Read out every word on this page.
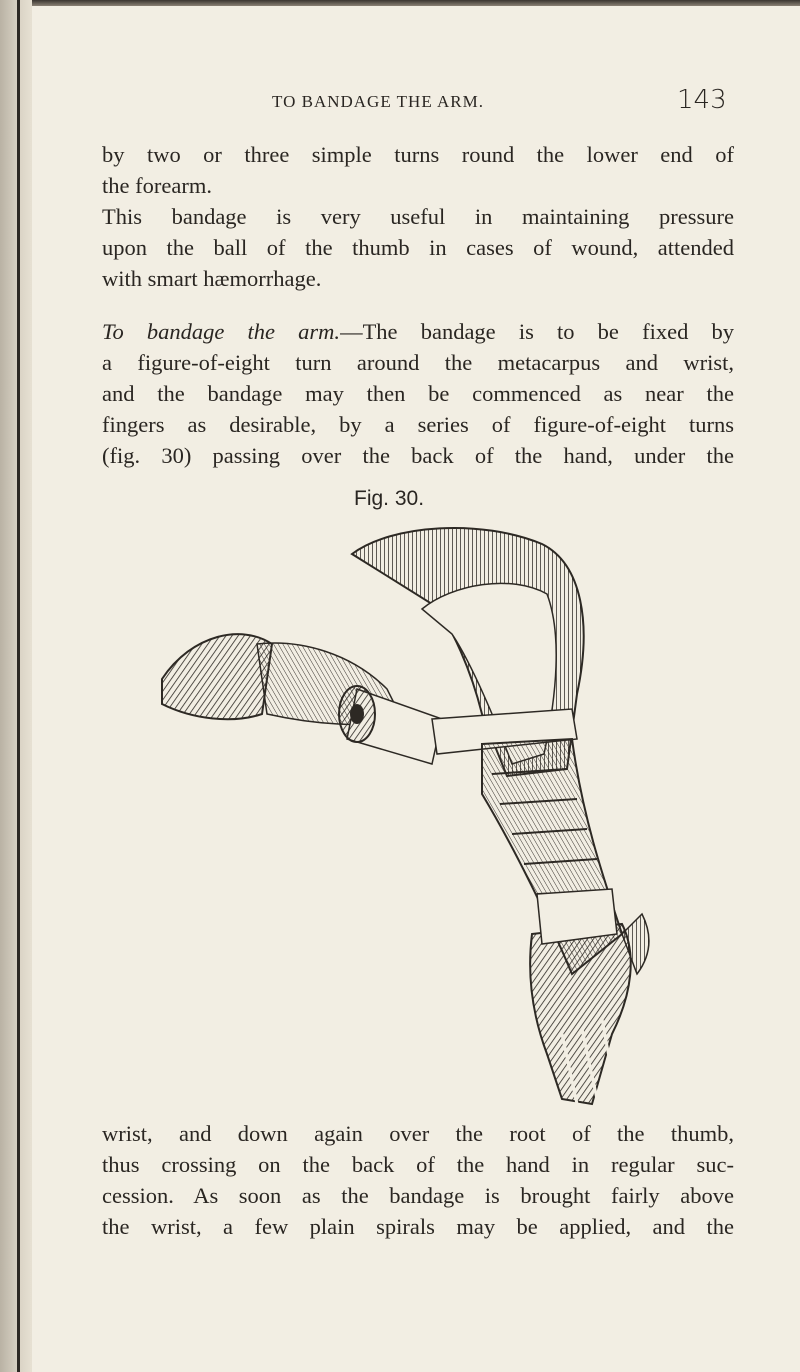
TO BANDAGE THE ARM.	143
by two or three simple turns round the lower end of
the forearm.
This bandage is very useful in maintaining pressure
upon the ball of the thumb in cases of wound, attended
with smart hæmorrhage.
To bandage the arm.—The bandage is to be fixed by
a figure-of-eight turn around the metacarpus and wrist,
and the bandage may then be commenced as near the
fingers as desirable, by a series of figure-of-eight turns
(fig. 30) passing over the back of the hand, under the
Fig. 30.
wrist, and down again over the root of the thumb,
thus crossing on the back of the hand in regular suc-
cession. As soon as the bandage is brought fairly above
the wrist, a few plain spirals may be applied, and the
